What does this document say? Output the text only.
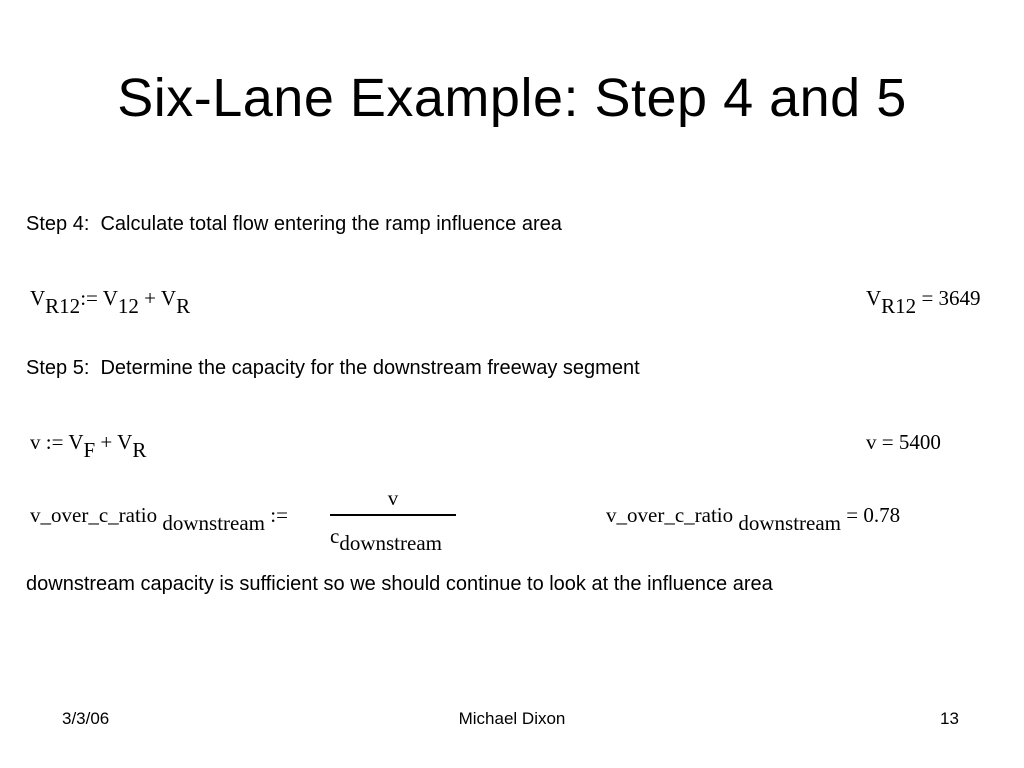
Six-Lane Example: Step 4 and 5
Step 4:  Calculate total flow entering the ramp influence area
VR12:= V12 + VR	VR12 = 3649
Step 5:  Determine the capacity for the downstream freeway segment
v := VF + VR	v = 5400
v_over_c_ratio downstream :=
v
cdownstream
v_over_c_ratio downstream = 0.78
downstream capacity is sufficient so we should continue to look at the influence area
3/3/06	Michael Dixon	13
